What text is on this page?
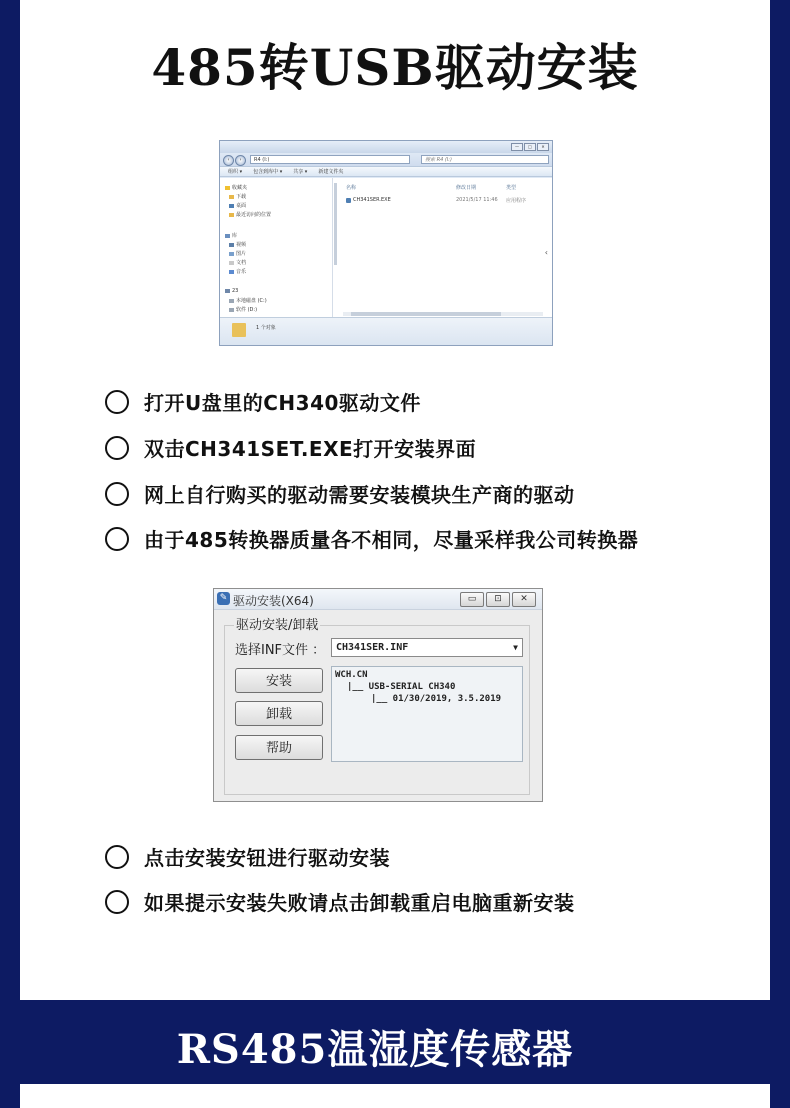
485转USB驱动安装
—	□	✕
‹	›	R4 (I:)	搜索 R4 (I:)
组织 ▾ 包含到库中 ▾ 共享 ▾ 新建文件夹
收藏夹
下载
桌面
最近访问的位置
库
视频
图片
文档
音乐
23
本地磁盘 (C:)
软件 (D:)
名称	修改日期	类型
CH341SER.EXE	2021/5/17 11:46 应用程序
‹
1 个对象
打开U盘里的CH340驱动文件
双击CH341SET.EXE打开安装界面
网上自行购买的驱动需要安装模块生产商的驱动
由于485转换器质量各不相同，尽量采样我公司转换器
✎ 驱动安装(X64)	▭	⊡	✕
驱动安装/卸载
选择INF文件 ：	CH341SER.INF	▼
安装
卸载
帮助
WCH.CN
|__ USB-SERIAL CH340
|__ 01/30/2019, 3.5.2019
点击安装安钮进行驱动安装
如果提示安装失败请点击卸载重启电脑重新安装
RS485温湿度传感器
